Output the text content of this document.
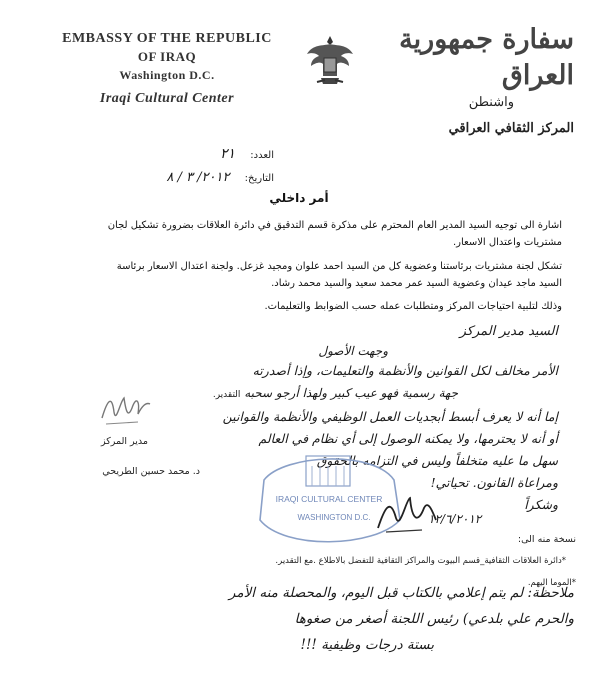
EMBASSY OF THE REPUBLIC
OF IRAQ
Washington D.C.
Iraqi Cultural Center
سفارة جمهورية العراق
واشنطن
المركز الثقافي العراقي
العدد: ٢١
التاريخ: ٢٠١٢/ ٣ / ٨
أمر داخلي
اشارة الى توجيه السيد المدير العام المحترم على مذكرة قسم التدقيق في دائرة العلاقات بضرورة تشكيل لجان
مشتريات واعتدال الاسعار.
تشكل لجنة مشتريات برئاستنا وعضوية كل من السيد احمد علوان ومجيد غزعل. ولجنة اعتدال الاسعار برئاسة
السيد ماجد عيدان وعضوية السيد عمر محمد سعيد والسيد محمد رشاد.
وذلك لتلبية احتياجات المركز ومتطلبات عمله حسب الضوابط والتعليمات.
السيد مدير المركز
وجهت الأصول
الأمر مخالف لكل القوانين والأنظمة والتعليمات، وإذا أصدرته
جهة رسمية فهو عيب كبير ولهذا أرجو سحبه التقدير.
إما أنه لا يعرف أبسط أبجديات العمل الوظيفي والأنظمة والقوانين
أو أنه لا يحترمها، ولا يمكنه الوصول إلى أي نظام في العالم
سهل ما عليه متخلفاً وليس في التزامه بالحقوق
ومراعاة القانون. تحياتي!
وشكراً
مدير المركز
د. محمد حسين الطريحي
IRAQI CULTURAL CENTER
WASHINGTON D.C.	١٢/٦/٢٠١٢
نسخة منه الى:
*دائرة العلاقات الثقافية_قسم البيوت والمراكز الثقافية للتفضل بالاطلاع .مع التقدير.
*الموما اليهم.
ملاحظة: لم يتم إعلامي بالكتاب قبل اليوم، والمحصلة منه الأمر
والحرم علي بلدعي) رئيس اللجنة أصغر من صغوها
بستة درجات وظيفية !!!
